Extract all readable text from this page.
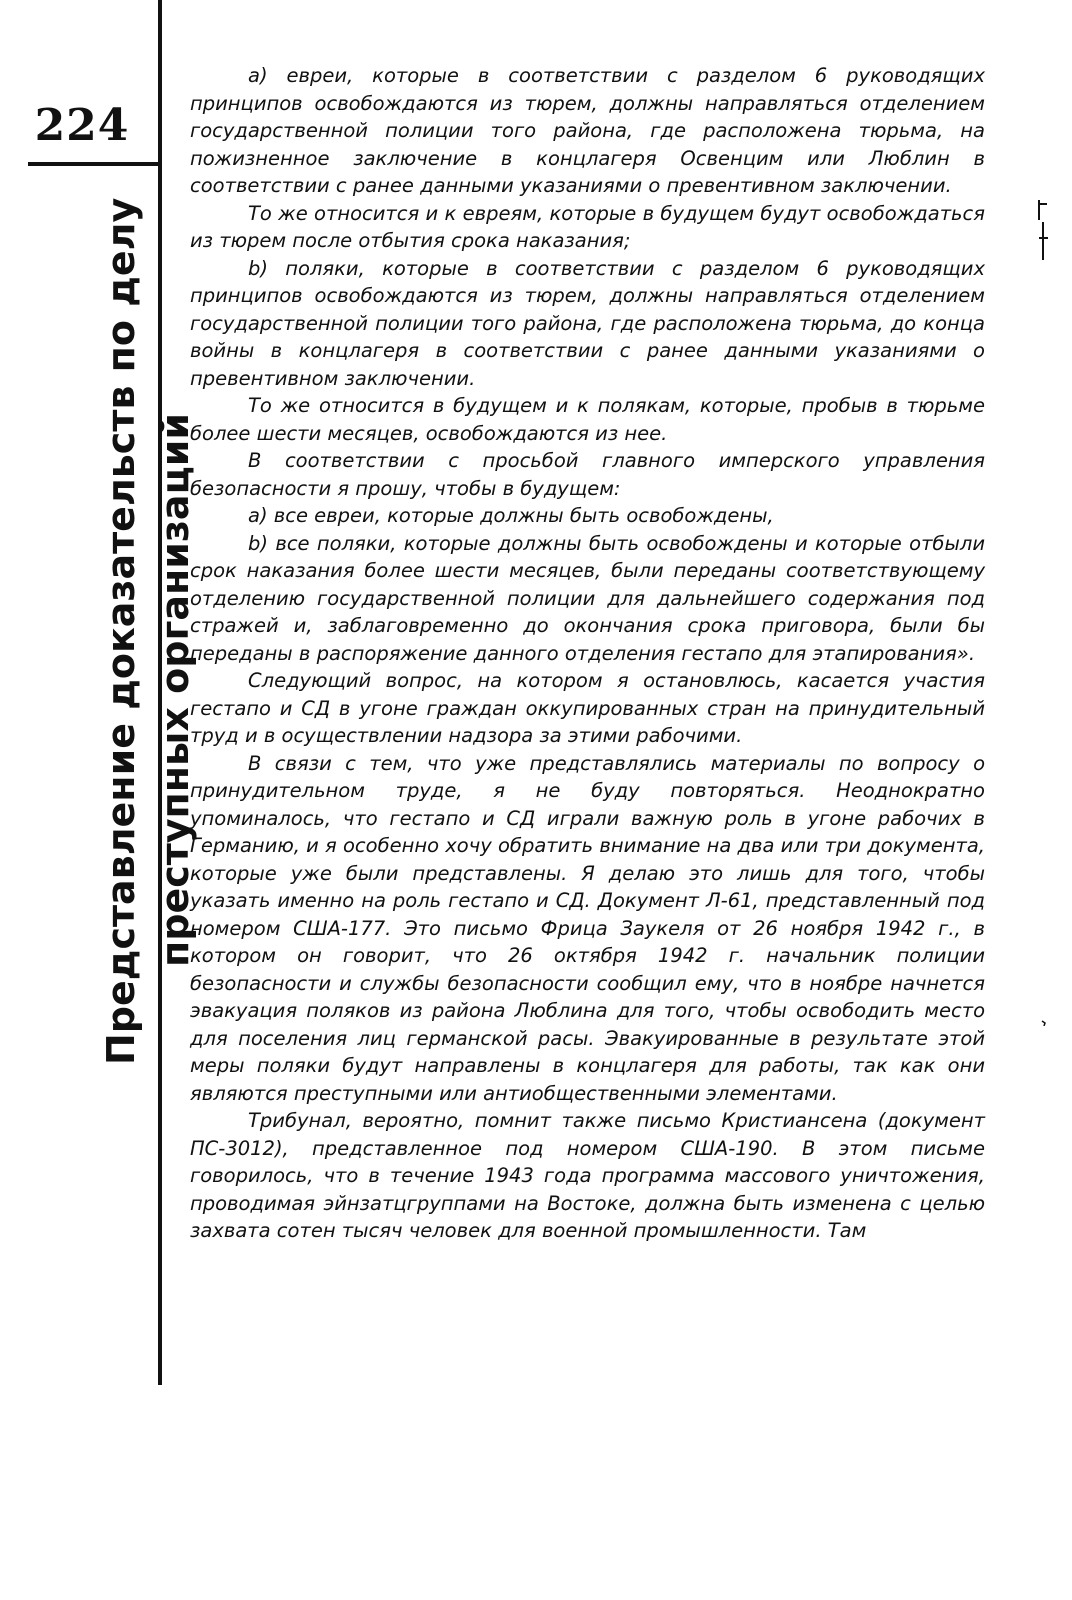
224
Представление доказательств по делу преступных организаций

а) евреи, которые в соответствии с разделом 6 руководящих принципов освобождаются из тюрем, должны направляться отделением государственной полиции того района, где расположена тюрьма, на пожизненное заключение в концлагеря Освенцим или Люблин в соответствии с ранее данными указаниями о превентивном заключении.

То же относится и к евреям, которые в будущем будут освобождаться из тюрем после отбытия срока наказания;

b) поляки, которые в соответствии с разделом 6 руководящих принципов освобождаются из тюрем, должны направляться отделением государственной полиции того района, где расположена тюрьма, до конца войны в концлагеря в соответствии с ранее данными указаниями о превентивном заключении.

То же относится в будущем и к полякам, которые, пробыв в тюрьме более шести месяцев, освобождаются из нее.

В соответствии с просьбой главного имперского управления безопасности я прошу, чтобы в будущем:

а) все евреи, которые должны быть освобождены,

b) все поляки, которые должны быть освобождены и которые отбыли срок наказания более шести месяцев, были переданы соответствующему отделению государственной полиции для дальнейшего содержания под стражей и, заблаговременно до окончания срока приговора, были бы переданы в распоряжение данного отделения гестапо для этапирования».

Следующий вопрос, на котором я остановлюсь, касается участия гестапо и СД в угоне граждан оккупированных стран на принудительный труд и в осуществлении надзора за этими рабочими.

В связи с тем, что уже представлялись материалы по вопросу о принудительном труде, я не буду повторяться. Неоднократно упоминалось, что гестапо и СД играли важную роль в угоне рабочих в Германию, и я особенно хочу обратить внимание на два или три документа, которые уже были представлены. Я делаю это лишь для того, чтобы указать именно на роль гестапо и СД. Документ Л-61, представленный под номером США-177. Это письмо Фрица Заукеля от 26 ноября 1942 г., в котором он говорит, что 26 октября 1942 г. начальник полиции безопасности и службы безопасности сообщил ему, что в ноябре начнется эвакуация поляков из района Люблина для того, чтобы освободить место для поселения лиц германской расы. Эвакуированные в результате этой меры поляки будут направлены в концлагеря для работы, так как они являются преступными или антиобщественными элементами.

Трибунал, вероятно, помнит также письмо Кристиансена (документ ПС-3012), представленное под номером США-190. В этом письме говорилось, что в течение 1943 года программа массового уничтожения, проводимая эйнзатцгруппами на Востоке, должна быть изменена с целью захвата сотен тысяч человек для военной промышленности. Там
